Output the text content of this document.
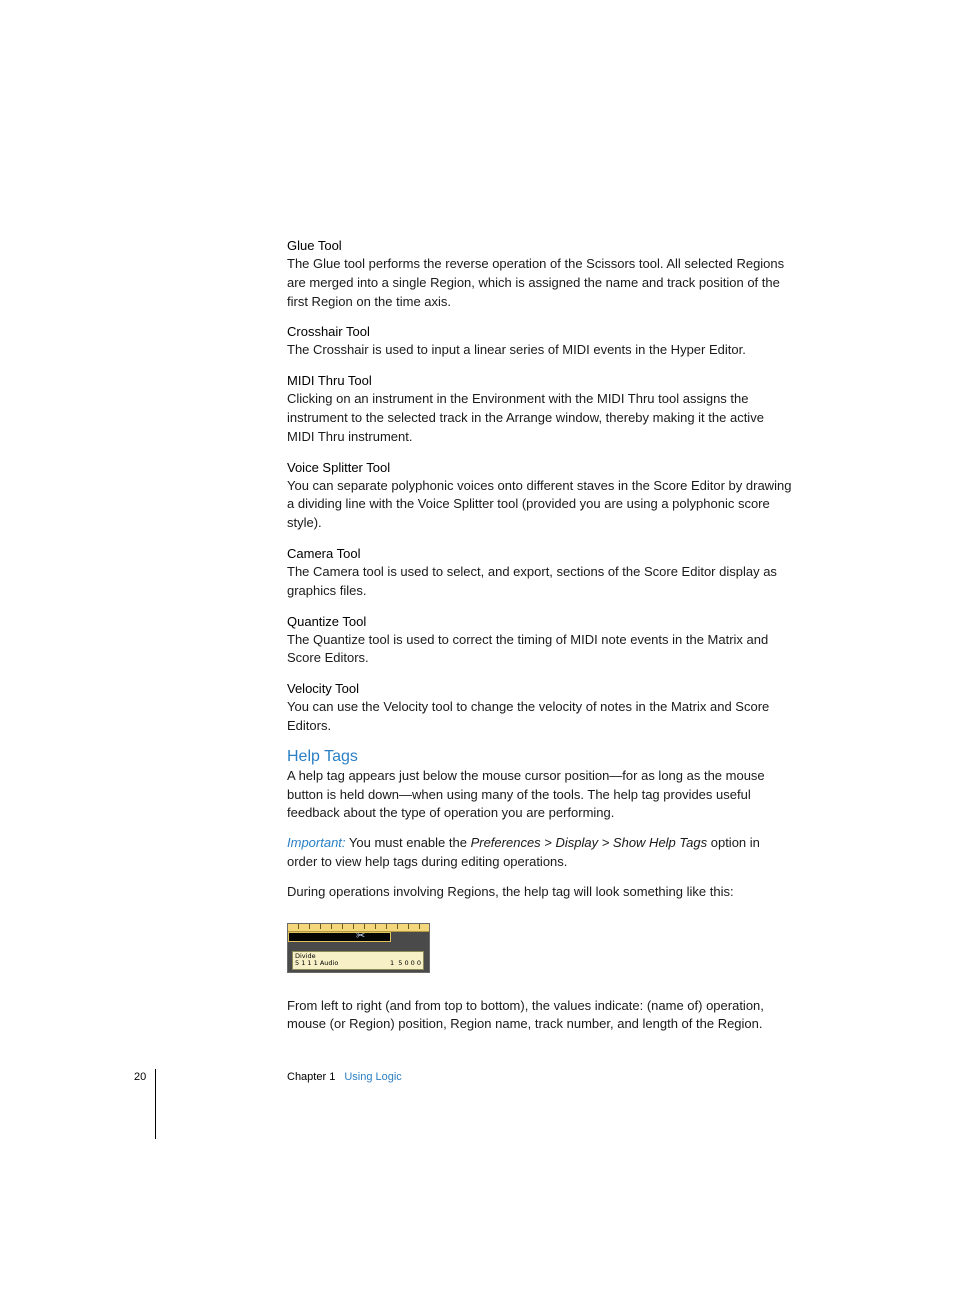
Glue Tool

The Glue tool performs the reverse operation of the Scissors tool. All selected Regions are merged into a single Region, which is assigned the name and track position of the first Region on the time axis.

Crosshair Tool

The Crosshair is used to input a linear series of MIDI events in the Hyper Editor.

MIDI Thru Tool

Clicking on an instrument in the Environment with the MIDI Thru tool assigns the instrument to the selected track in the Arrange window, thereby making it the active MIDI Thru instrument.

Voice Splitter Tool

You can separate polyphonic voices onto different staves in the Score Editor by drawing a dividing line with the Voice Splitter tool (provided you are using a polyphonic score style).

Camera Tool

The Camera tool is used to select, and export, sections of the Score Editor display as graphics files.

Quantize Tool

The Quantize tool is used to correct the timing of MIDI note events in the Matrix and Score Editors.

Velocity Tool

You can use the Velocity tool to change the velocity of notes in the Matrix and Score Editors.

Help Tags

A help tag appears just below the mouse cursor position—for as long as the mouse button is held down—when using many of the tools. The help tag provides useful feedback about the type of operation you are performing.

Important: You must enable the Preferences > Display > Show Help Tags option in order to view help tags during editing operations.

During operations involving Regions, the help tag will look something like this:

✂
Divide
5 1 1 1 Audio	1 5 0 0 0

From left to right (and from top to bottom), the values indicate: (name of) operation, mouse (or Region) position, Region name, track number, and length of the Region.

20	Chapter 1 Using Logic
